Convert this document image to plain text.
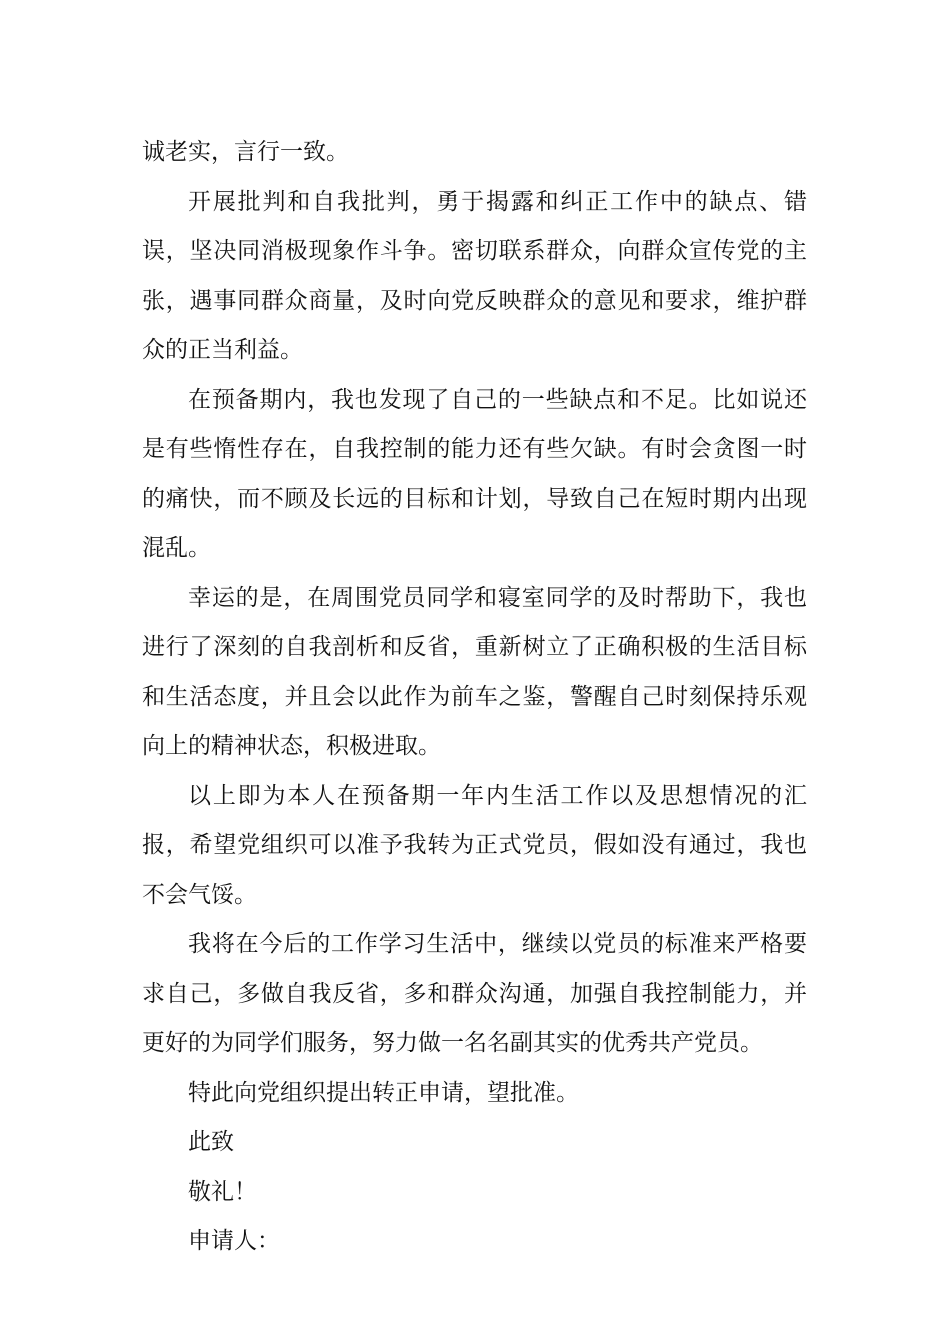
诚老实，言行一致。

开展批判和自我批判，勇于揭露和纠正工作中的缺点、错误，坚决同消极现象作斗争。密切联系群众，向群众宣传党的主张，遇事同群众商量，及时向党反映群众的意见和要求，维护群众的正当利益。

在预备期内，我也发现了自己的一些缺点和不足。比如说还是有些惰性存在，自我控制的能力还有些欠缺。有时会贪图一时的痛快，而不顾及长远的目标和计划，导致自己在短时期内出现混乱。

幸运的是，在周围党员同学和寝室同学的及时帮助下，我也进行了深刻的自我剖析和反省，重新树立了正确积极的生活目标和生活态度，并且会以此作为前车之鉴，警醒自己时刻保持乐观向上的精神状态，积极进取。

以上即为本人在预备期一年内生活工作以及思想情况的汇报，希望党组织可以准予我转为正式党员，假如没有通过，我也不会气馁。

我将在今后的工作学习生活中，继续以党员的标准来严格要求自己，多做自我反省，多和群众沟通，加强自我控制能力，并更好的为同学们服务，努力做一名名副其实的优秀共产党员。

特此向党组织提出转正申请，望批准。

此致

敬礼！

申请人：
